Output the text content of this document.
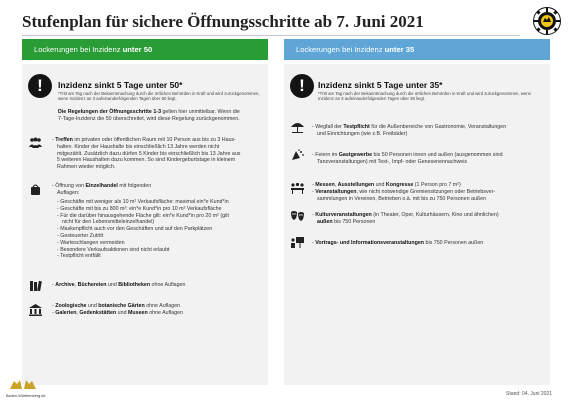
Stufenplan für sichere Öffnungsschritte ab 7. Juni 2021
Lockerungen bei Inzidenz unter 50	Lockerungen bei Inzidenz unter 35
!	Inzidenz sinkt 5 Tage unter 50*
*Tritt am Tag nach der Bekanntmachung durch die örtlichen Behörden in Kraft und wird zurückgenommen, wenn Inzidenz an 3 aufeinanderfolgenden Tagen über 50 liegt.
Die Regelungen der Öffnungsschritte 1-3 gelten hier unmittelbar. Wenn die
7-Tage-Inzidenz die 50 überschreitet, wird diese Regelung zurückgenommen.
- Treffen im privaten oder öffentlichen Raum mit 10 Person aus bis zu 3 Haus-
halten. Kinder der Haushalte bis einschließlich 13 Jahre werden nicht
mitgezählt. Zusätzlich dazu dürfen 5 Kinder bis einschließlich bis 13 Jahre aus
5 weiteren Haushalten dazu kommen. So sind Kindergeburtstage in kleinem
Rahmen wieder möglich.
- Öffnung von Einzelhandel mit folgenden
Auflagen:
- Geschäfte mit weniger als 10 m² Verkaufsfläche: maximal ein*e Kund*in
- Geschäfte mit bis zu 800 m²: ein*e Kund*in pro 10 m² Verkaufsfläche
- Für die darüber hinausgehende Fläche gilt: ein*e Kund*in pro 20 m² (gilt
nicht für den Lebensmitteleinzelhandel)
- Maskenpflicht auch vor den Geschäften und auf den Parkplätzen
- Gesteuerter Zutritt
- Warteschlangen vermeiden
- Besondere Verkaufsaktionen sind nicht erlaubt
- Testpflicht entfällt
- Archive, Büchereien und Bibliotheken ohne Auflagen
- Zoologische und botanische Gärten ohne Auflagen
- Galerien, Gedenkstätten und Museen ohne Auflagen
!	Inzidenz sinkt 5 Tage unter 35*
*Tritt am Tag nach der Bekanntmachung durch die örtlichen Behörden in Kraft und wird zurückgenommen, wenn Inzidenz an 3 aufeinanderfolgenden Tagen über 35 liegt.
- Wegfall der Testpflicht für die Außenbereiche von Gastronomie, Veranstaltungen
und Einrichtungen (wie z.B. Freibäder)
- Feiern im Gastgewerbe bis 50 Personen innen und außen (ausgenommen sind
Tanzveranstaltungen) mit Test-, Impf- oder Genesenennachweis
- Messen, Ausstellungen und Kongresse (1 Person pro 7 m²)
- Veranstaltungen, wie nicht notwendige Gremiensitzungen oder Betriebsver-
sammlungen in Vereinen, Betrieben o.ä. mit bis zu 750 Personen außen
- Kulturveranstaltungen (in Theater, Oper, Kulturhäusern, Kino und ähnlichen)
außen bis 750 Personen
- Vortrags- und Informationsveranstaltungen bis 750 Personen außen
Baden-Württemberg.de	Stand: 04. Juni 2021
